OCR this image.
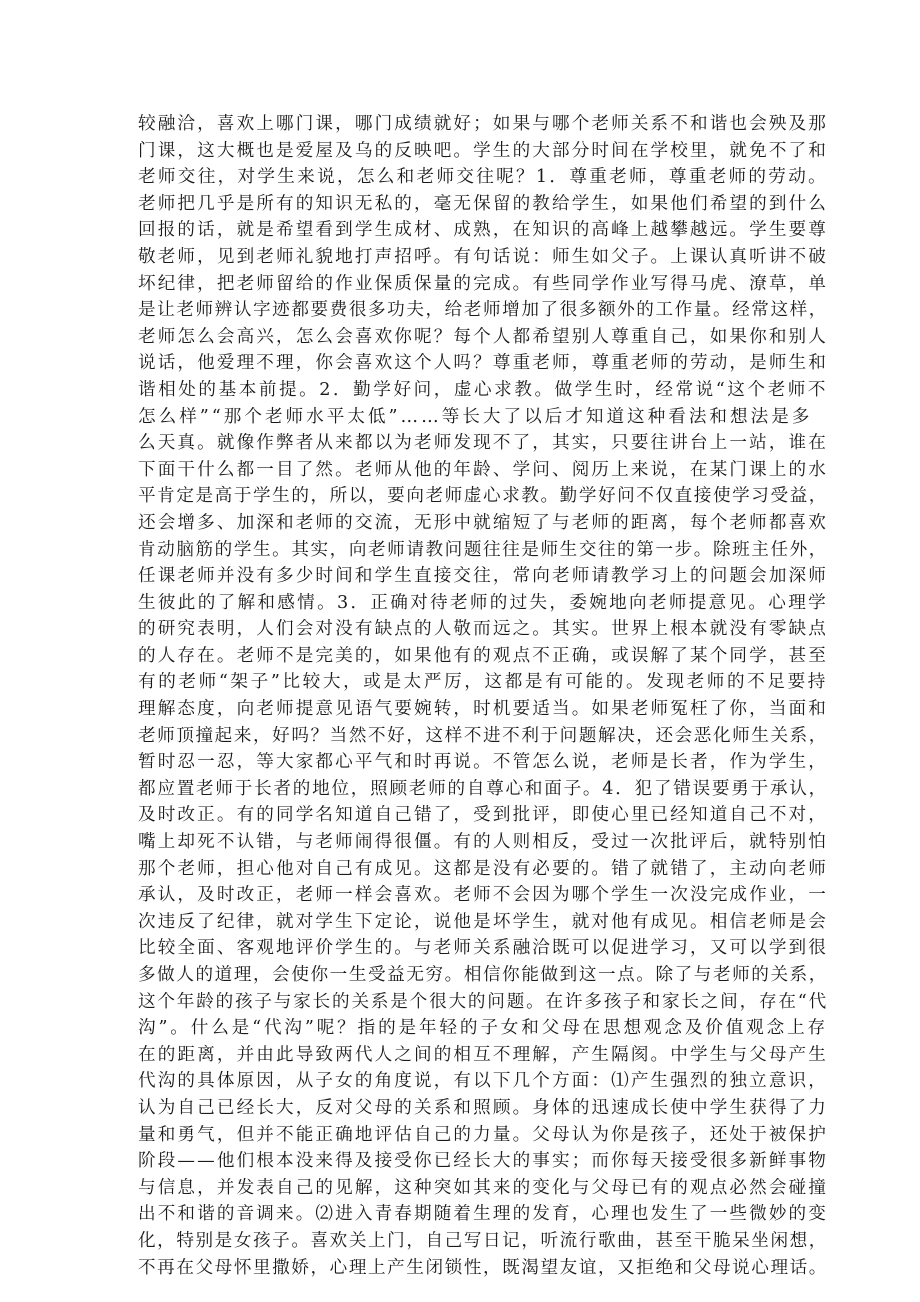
较融洽，喜欢上哪门课，哪门成绩就好；如果与哪个老师关系不和谐也会殃及那
门课，这大概也是爱屋及乌的反映吧。学生的大部分时间在学校里，就免不了和
老师交往，对学生来说，怎么和老师交往呢？1．尊重老师，尊重老师的劳动。
老师把几乎是所有的知识无私的，毫无保留的教给学生，如果他们希望的到什么
回报的话，就是希望看到学生成材、成熟，在知识的高峰上越攀越远。学生要尊
敬老师，见到老师礼貌地打声招呼。有句话说：师生如父子。上课认真听讲不破
坏纪律，把老师留给的作业保质保量的完成。有些同学作业写得马虎、潦草，单
是让老师辨认字迹都要费很多功夫，给老师增加了很多额外的工作量。经常这样，
老师怎么会高兴，怎么会喜欢你呢？每个人都希望别人尊重自己，如果你和别人
说话，他爱理不理，你会喜欢这个人吗？尊重老师，尊重老师的劳动，是师生和
谐相处的基本前提。2．勤学好问，虚心求教。做学生时，经常说“这个老师不
怎么样”“那个老师水平太低”……等长大了以后才知道这种看法和想法是多
么天真。就像作弊者从来都以为老师发现不了，其实，只要往讲台上一站，谁在
下面干什么都一目了然。老师从他的年龄、学问、阅历上来说，在某门课上的水
平肯定是高于学生的，所以，要向老师虚心求教。勤学好问不仅直接使学习受益，
还会增多、加深和老师的交流，无形中就缩短了与老师的距离，每个老师都喜欢
肯动脑筋的学生。其实，向老师请教问题往往是师生交往的第一步。除班主任外，
任课老师并没有多少时间和学生直接交往，常向老师请教学习上的问题会加深师
生彼此的了解和感情。3．正确对待老师的过失，委婉地向老师提意见。心理学
的研究表明，人们会对没有缺点的人敬而远之。其实。世界上根本就没有零缺点
的人存在。老师不是完美的，如果他有的观点不正确，或误解了某个同学，甚至
有的老师“架子”比较大，或是太严厉，这都是有可能的。发现老师的不足要持
理解态度，向老师提意见语气要婉转，时机要适当。如果老师冤枉了你，当面和
老师顶撞起来，好吗？当然不好，这样不进不利于问题解决，还会恶化师生关系，
暂时忍一忍，等大家都心平气和时再说。不管怎么说，老师是长者，作为学生，
都应置老师于长者的地位，照顾老师的自尊心和面子。4．犯了错误要勇于承认，
及时改正。有的同学名知道自己错了，受到批评，即使心里已经知道自己不对，
嘴上却死不认错，与老师闹得很僵。有的人则相反，受过一次批评后，就特别怕
那个老师，担心他对自己有成见。这都是没有必要的。错了就错了，主动向老师
承认，及时改正，老师一样会喜欢。老师不会因为哪个学生一次没完成作业，一
次违反了纪律，就对学生下定论，说他是坏学生，就对他有成见。相信老师是会
比较全面、客观地评价学生的。与老师关系融洽既可以促进学习，又可以学到很
多做人的道理，会使你一生受益无穷。相信你能做到这一点。除了与老师的关系，
这个年龄的孩子与家长的关系是个很大的问题。在许多孩子和家长之间，存在“代
沟”。什么是“代沟”呢？指的是年轻的子女和父母在思想观念及价值观念上存
在的距离，并由此导致两代人之间的相互不理解，产生隔阂。中学生与父母产生
代沟的具体原因，从子女的角度说，有以下几个方面：⑴产生强烈的独立意识，
认为自己已经长大，反对父母的关系和照顾。身体的迅速成长使中学生获得了力
量和勇气，但并不能正确地评估自己的力量。父母认为你是孩子，还处于被保护
阶段——他们根本没来得及接受你已经长大的事实；而你每天接受很多新鲜事物
与信息，并发表自己的见解，这种突如其来的变化与父母已有的观点必然会碰撞
出不和谐的音调来。⑵进入青春期随着生理的发育，心理也发生了一些微妙的变
化，特别是女孩子。喜欢关上门，自己写日记，听流行歌曲，甚至干脆呆坐闲想，
不再在父母怀里撒娇，心理上产生闭锁性，既渴望友谊，又拒绝和父母说心理话。
